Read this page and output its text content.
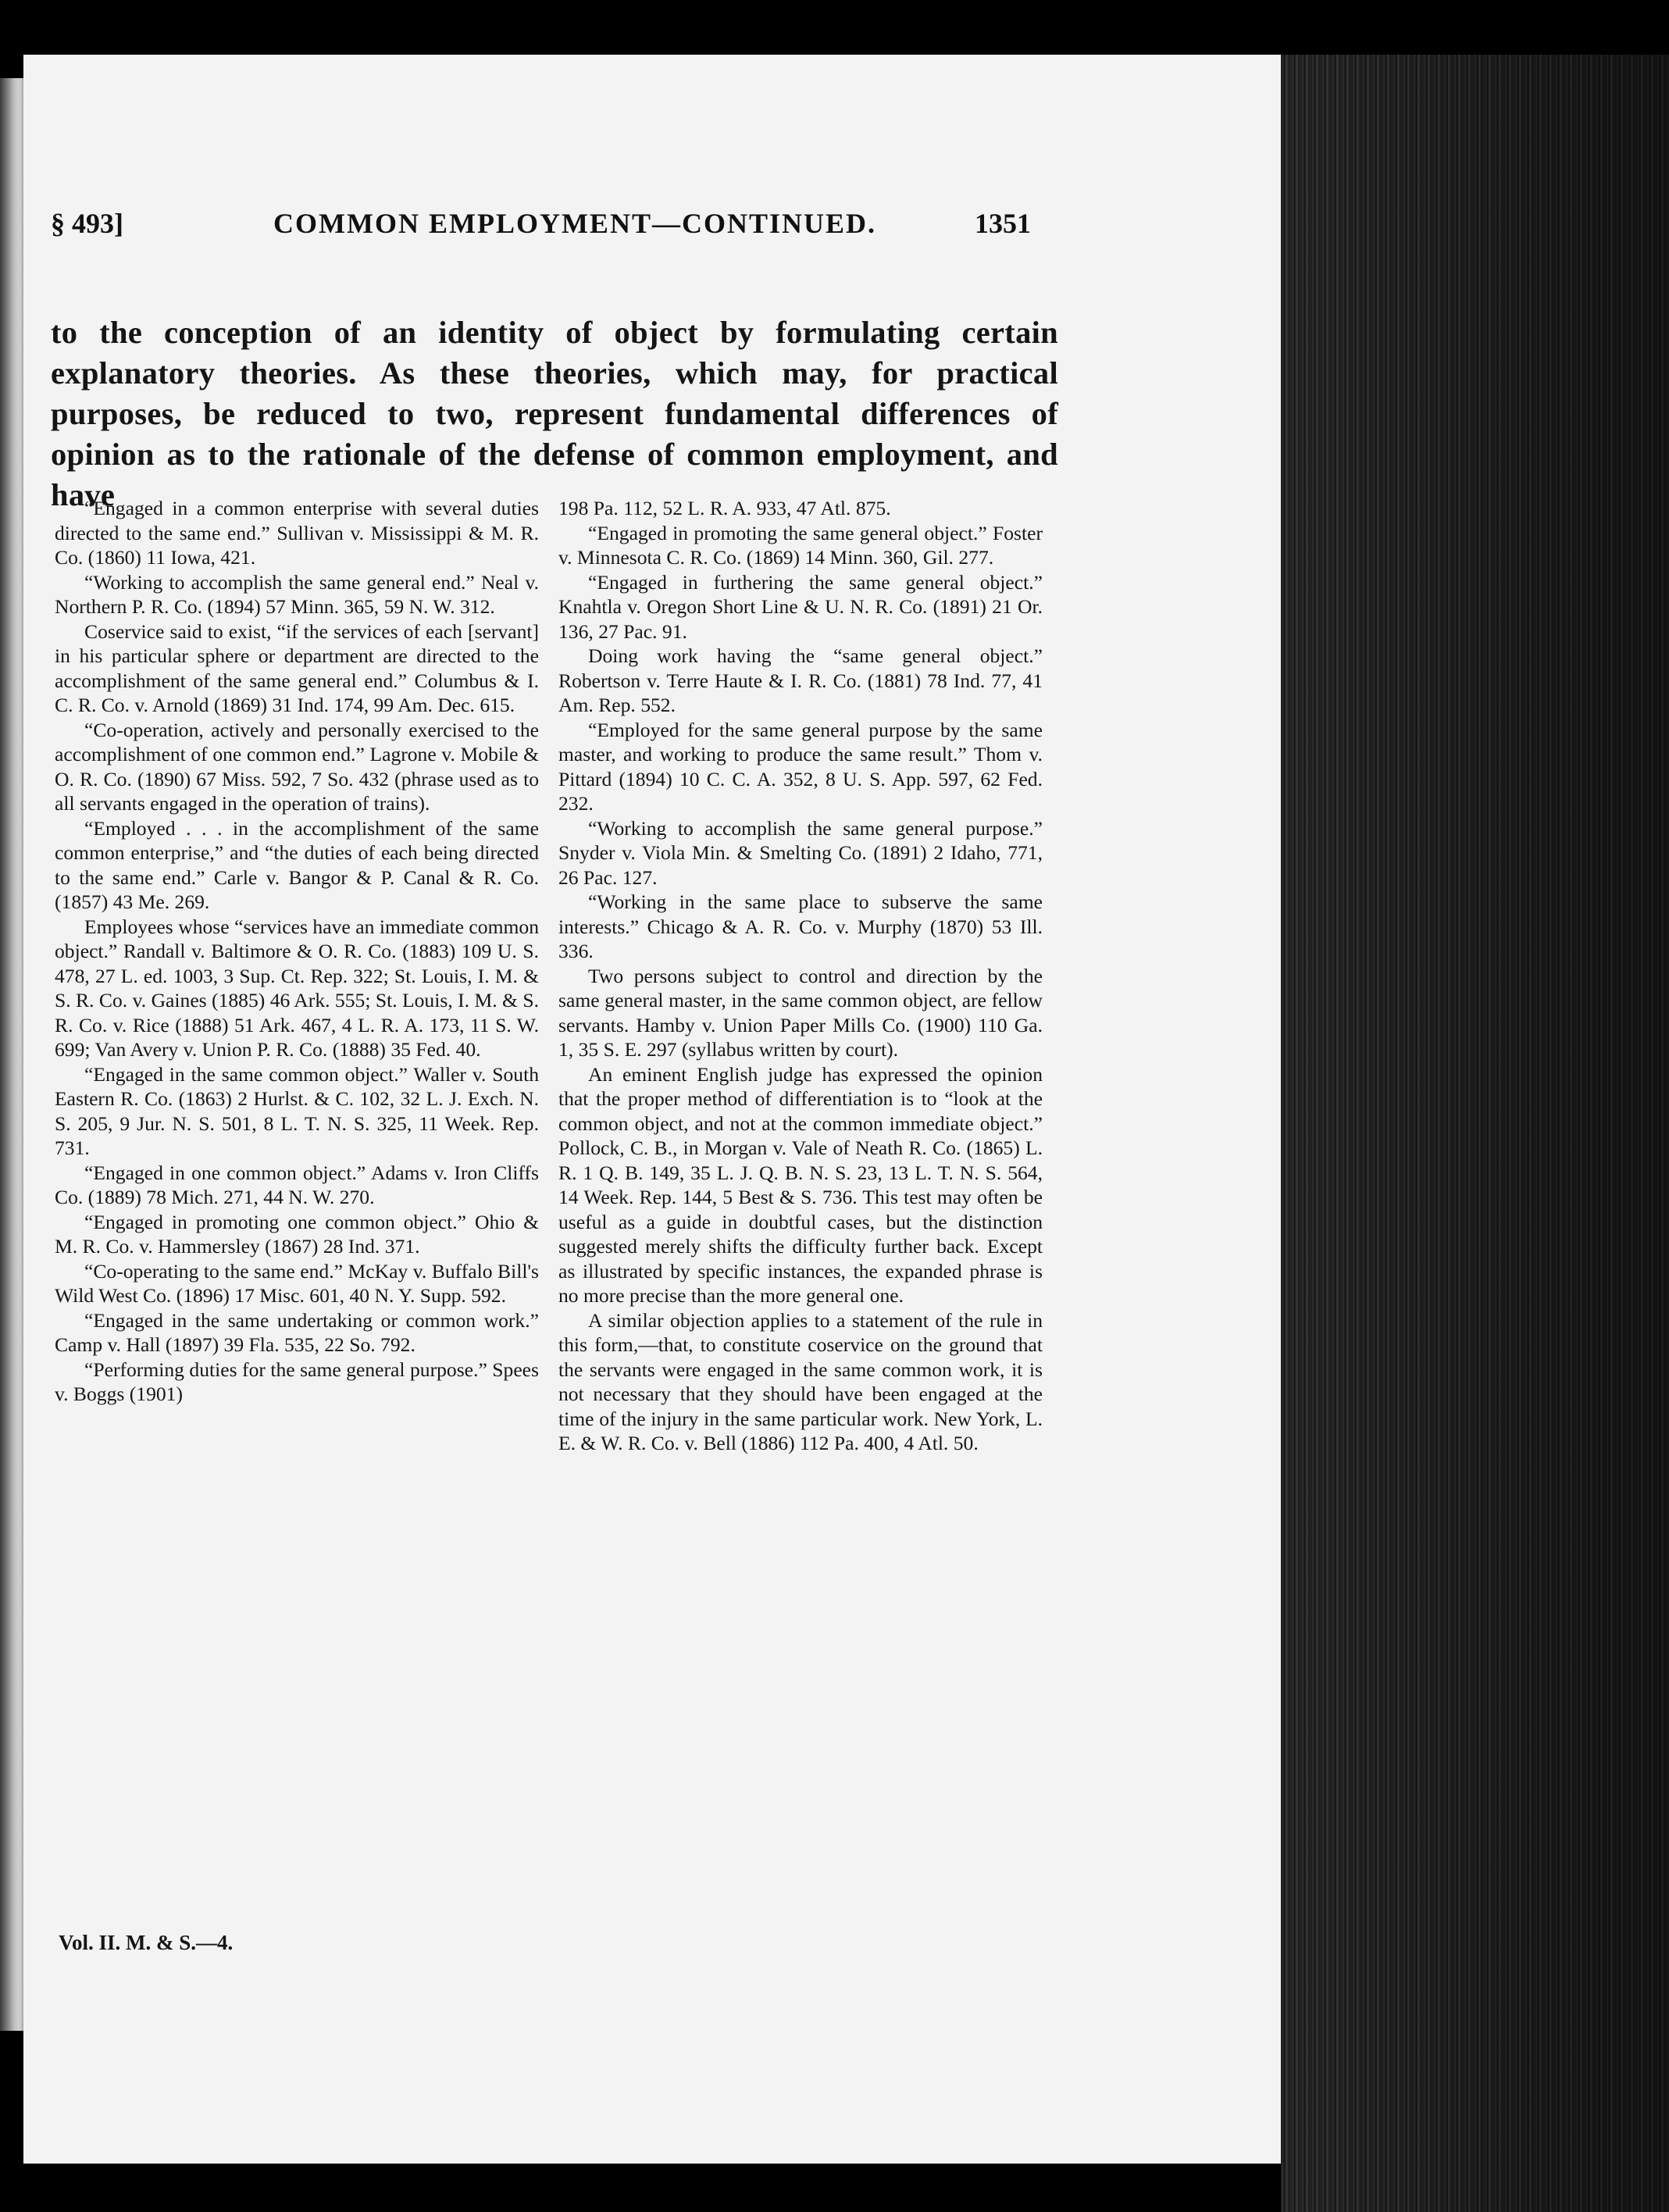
§ 493]	COMMON EMPLOYMENT—CONTINUED.	1351
to the conception of an identity of object by formulating certain explanatory theories. As these theories, which may, for practical purposes, be reduced to two, represent fundamental differences of opinion as to the rationale of the defense of common employment, and have

“Engaged in a common enterprise with several duties directed to the same end.” Sullivan v. Mississippi & M. R. Co. (1860) 11 Iowa, 421.

“Working to accomplish the same general end.” Neal v. Northern P. R. Co. (1894) 57 Minn. 365, 59 N. W. 312.

Coservice said to exist, “if the services of each [servant] in his particular sphere or department are directed to the accomplishment of the same general end.” Columbus & I. C. R. Co. v. Arnold (1869) 31 Ind. 174, 99 Am. Dec. 615.

“Co-operation, actively and personally exercised to the accomplishment of one common end.” Lagrone v. Mobile & O. R. Co. (1890) 67 Miss. 592, 7 So. 432 (phrase used as to all servants engaged in the operation of trains).

“Employed . . . in the accomplishment of the same common enterprise,” and “the duties of each being directed to the same end.” Carle v. Bangor & P. Canal & R. Co. (1857) 43 Me. 269.

Employees whose “services have an immediate common object.” Randall v. Baltimore & O. R. Co. (1883) 109 U. S. 478, 27 L. ed. 1003, 3 Sup. Ct. Rep. 322; St. Louis, I. M. & S. R. Co. v. Gaines (1885) 46 Ark. 555; St. Louis, I. M. & S. R. Co. v. Rice (1888) 51 Ark. 467, 4 L. R. A. 173, 11 S. W. 699; Van Avery v. Union P. R. Co. (1888) 35 Fed. 40.

“Engaged in the same common object.” Waller v. South Eastern R. Co. (1863) 2 Hurlst. & C. 102, 32 L. J. Exch. N. S. 205, 9 Jur. N. S. 501, 8 L. T. N. S. 325, 11 Week. Rep. 731.

“Engaged in one common object.” Adams v. Iron Cliffs Co. (1889) 78 Mich. 271, 44 N. W. 270.

“Engaged in promoting one common object.” Ohio & M. R. Co. v. Hammersley (1867) 28 Ind. 371.

“Co-operating to the same end.” McKay v. Buffalo Bill's Wild West Co. (1896) 17 Misc. 601, 40 N. Y. Supp. 592.

“Engaged in the same undertaking or common work.” Camp v. Hall (1897) 39 Fla. 535, 22 So. 792.

“Performing duties for the same general purpose.” Spees v. Boggs (1901)

198 Pa. 112, 52 L. R. A. 933, 47 Atl. 875.

“Engaged in promoting the same general object.” Foster v. Minnesota C. R. Co. (1869) 14 Minn. 360, Gil. 277.

“Engaged in furthering the same general object.” Knahtla v. Oregon Short Line & U. N. R. Co. (1891) 21 Or. 136, 27 Pac. 91.

Doing work having the “same general object.” Robertson v. Terre Haute & I. R. Co. (1881) 78 Ind. 77, 41 Am. Rep. 552.

“Employed for the same general purpose by the same master, and working to produce the same result.” Thom v. Pittard (1894) 10 C. C. A. 352, 8 U. S. App. 597, 62 Fed. 232.

“Working to accomplish the same general purpose.” Snyder v. Viola Min. & Smelting Co. (1891) 2 Idaho, 771, 26 Pac. 127.

“Working in the same place to subserve the same interests.” Chicago & A. R. Co. v. Murphy (1870) 53 Ill. 336.

Two persons subject to control and direction by the same general master, in the same common object, are fellow servants. Hamby v. Union Paper Mills Co. (1900) 110 Ga. 1, 35 S. E. 297 (syllabus written by court).

An eminent English judge has expressed the opinion that the proper method of differentiation is to “look at the common object, and not at the common immediate object.” Pollock, C. B., in Morgan v. Vale of Neath R. Co. (1865) L. R. 1 Q. B. 149, 35 L. J. Q. B. N. S. 23, 13 L. T. N. S. 564, 14 Week. Rep. 144, 5 Best & S. 736. This test may often be useful as a guide in doubtful cases, but the distinction suggested merely shifts the difficulty further back. Except as illustrated by specific instances, the expanded phrase is no more precise than the more general one.

A similar objection applies to a statement of the rule in this form,—that, to constitute coservice on the ground that the servants were engaged in the same common work, it is not necessary that they should have been engaged at the time of the injury in the same particular work. New York, L. E. & W. R. Co. v. Bell (1886) 112 Pa. 400, 4 Atl. 50.

Vol. II. M. & S.—4.
